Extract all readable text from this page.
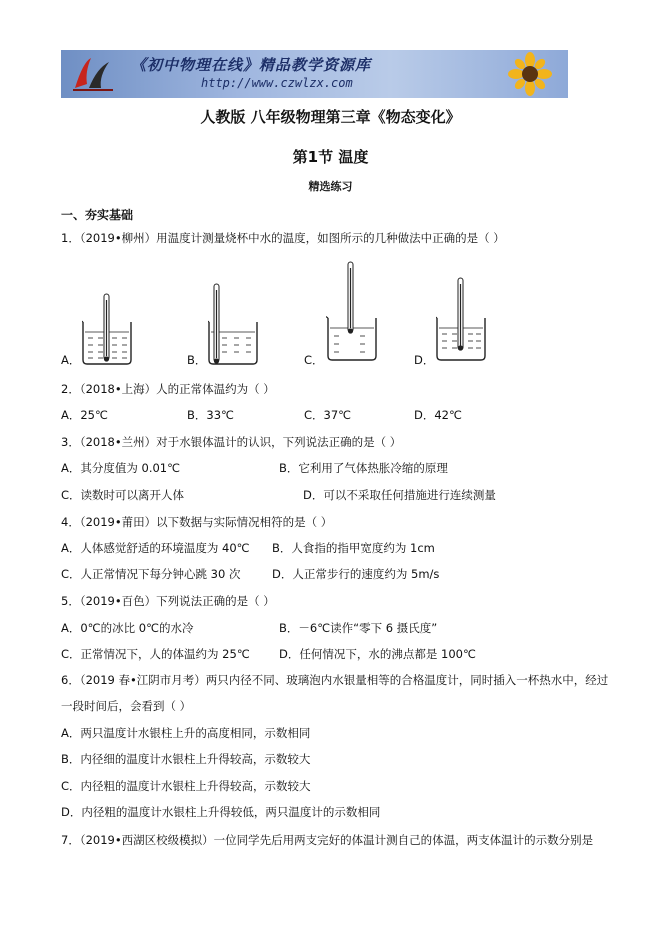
《初中物理在线》精品教学资源库
http://www.czwlzx.com
人教版 八年级物理第三章《物态变化》
第1节 温度
精选练习
一、夯实基础
1．（2019•柳州）用温度计测量烧杯中水的温度，如图所示的几种做法中正确的是（ ）
A．	B．	C．	D．
2．（2018•上海）人的正常体温约为（ ）
A．25℃	B．33℃	C．37℃	D．42℃
3．（2018•兰州）对于水银体温计的认识，下列说法正确的是（ ）
A．其分度值为 0.01℃	B．它利用了气体热胀冷缩的原理
C．读数时可以离开人体	D．可以不采取任何措施进行连续测量
4．（2019•莆田）以下数据与实际情况相符的是（ ）
A．人体感觉舒适的环境温度为 40℃ B．人食指的指甲宽度约为 1cm
C．人正常情况下每分钟心跳 30 次	D．人正常步行的速度约为 5m/s
5．（2019•百色）下列说法正确的是（ ）
A．0℃的冰比 0℃的水冷	B．－6℃读作“零下 6 摄氏度”
C．正常情况下，人的体温约为 25℃	D．任何情况下，水的沸点都是 100℃
6．（2019 春•江阴市月考）两只内径不同、玻璃泡内水银量相等的合格温度计，同时插入一杯热水中，经过
一段时间后，会看到（ ）
A．两只温度计水银柱上升的高度相同，示数相同
B．内径细的温度计水银柱上升得较高，示数较大
C．内径粗的温度计水银柱上升得较高，示数较大
D．内径粗的温度计水银柱上升得较低，两只温度计的示数相同
7．（2019•西湖区校级模拟）一位同学先后用两支完好的体温计测自己的体温，两支体温计的示数分别是
